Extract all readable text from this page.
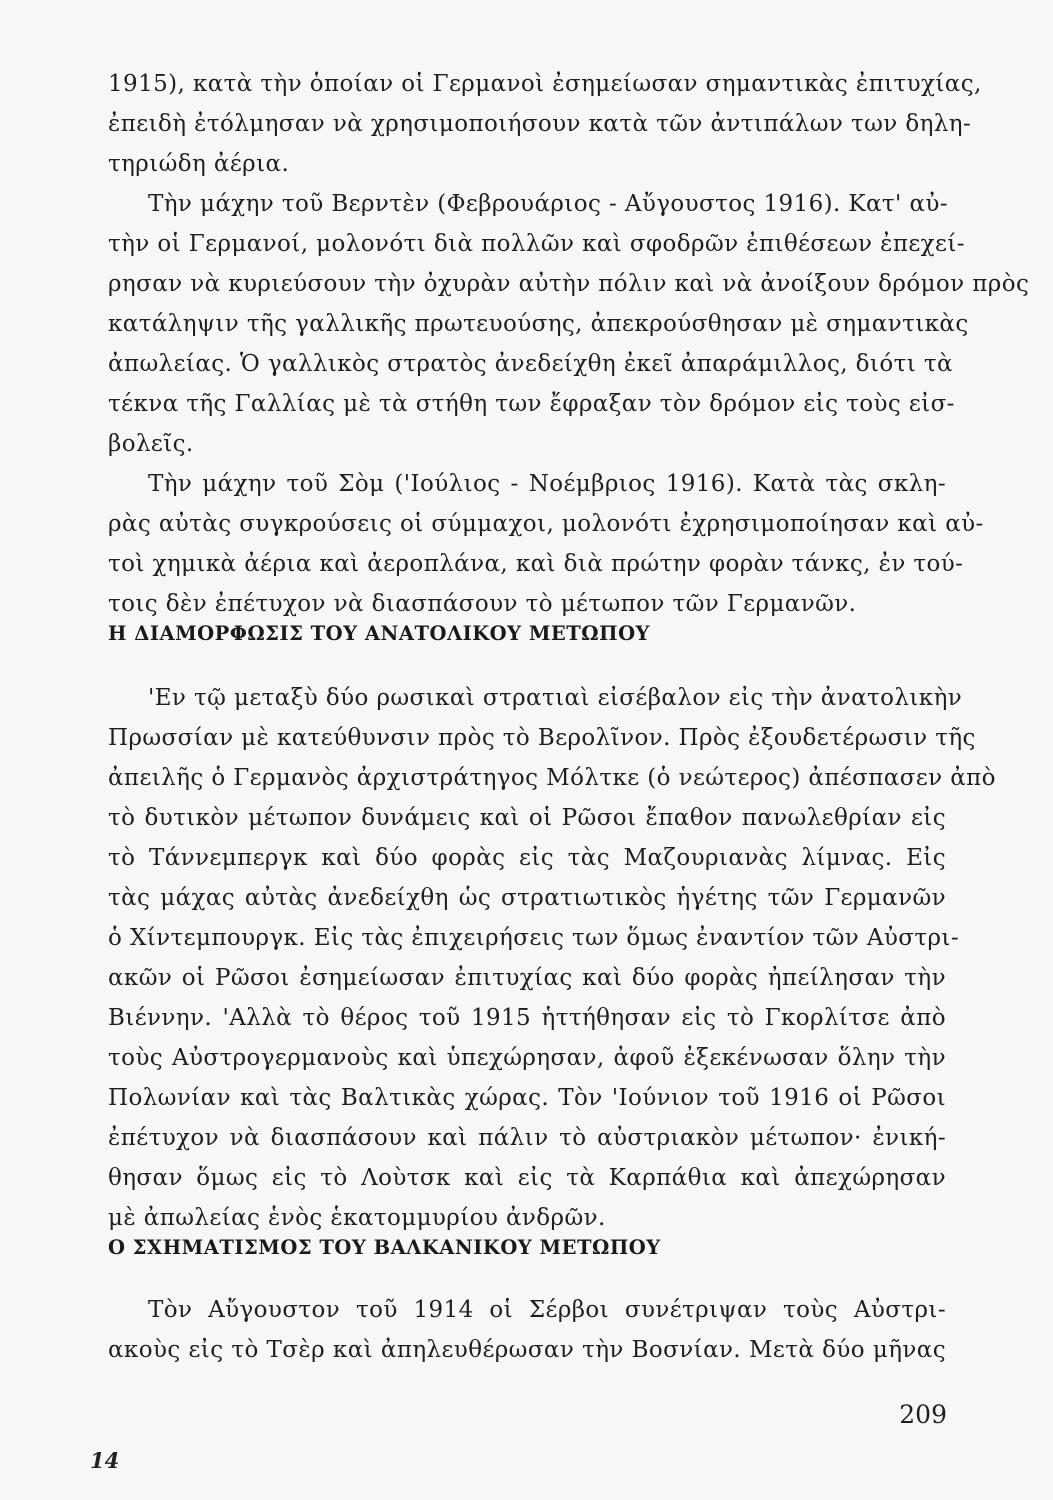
1915), κατὰ τὴν ὁποίαν οἱ Γερμανοὶ ἐσημείωσαν σημαντικὰς ἐπιτυχίας,
ἐπειδὴ ἐτόλμησαν νὰ χρησιμοποιήσουν κατὰ τῶν ἀντιπάλων των δηλη-
τηριώδη ἀέρια.
Τὴν μάχην τοῦ Βερντὲν (Φεβρουάριος - Αὔγουστος 1916). Κατ' αὐ-
τὴν οἱ Γερμανοί, μολονότι διὰ πολλῶν καὶ σφοδρῶν ἐπιθέσεων ἐπεχεί-
ρησαν νὰ κυριεύσουν τὴν ὀχυρὰν αὐτὴν πόλιν καὶ νὰ ἀνοίξουν δρόμον πρὸς
κατάληψιν τῆς γαλλικῆς πρωτευούσης, ἀπεκρούσθησαν μὲ σημαντικὰς
ἀπωλείας. Ὁ γαλλικὸς στρατὸς ἀνεδείχθη ἐκεῖ ἀπαράμιλλος, διότι τὰ
τέκνα τῆς Γαλλίας μὲ τὰ στήθη των ἔφραξαν τὸν δρόμον εἰς τοὺς εἰσ-
βολεῖς.
Τὴν μάχην τοῦ Σὸμ ('Ιούλιος - Νοέμβριος 1916). Κατὰ τὰς σκλη-
ρὰς αὐτὰς συγκρούσεις οἱ σύμμαχοι, μολονότι ἐχρησιμοποίησαν καὶ αὐ-
τοὶ χημικὰ ἀέρια καὶ ἀεροπλάνα, καὶ διὰ πρώτην φορὰν τάνκς, ἐν τού-
τοις δὲν ἐπέτυχον νὰ διασπάσουν τὸ μέτωπον τῶν Γερμανῶν.
Η ΔΙΑΜΟΡΦΩΣΙΣ ΤΟΥ ΑΝΑΤΟΛΙΚΟΥ ΜΕΤΩΠΟΥ
'Εν τῷ μεταξὺ δύο ρωσικαὶ στρατιαὶ εἰσέβαλον εἰς τὴν ἀνατολικὴν
Πρωσσίαν μὲ κατεύθυνσιν πρὸς τὸ Βερολῖνον. Πρὸς ἐξουδετέρωσιν τῆς
ἀπειλῆς ὁ Γερμανὸς ἀρχιστράτηγος Μόλτκε (ὁ νεώτερος) ἀπέσπασεν ἀπὸ
τὸ δυτικὸν μέτωπον δυνάμεις καὶ οἱ Ρῶσοι ἔπαθον πανωλεθρίαν εἰς
τὸ Τάννεμπεργκ καὶ δύο φορὰς εἰς τὰς Μαζουριανὰς λίμνας. Εἰς
τὰς μάχας αὐτὰς ἀνεδείχθη ὡς στρατιωτικὸς ἡγέτης τῶν Γερμανῶν
ὁ Χίντεμπουργκ. Εἰς τὰς ἐπιχειρήσεις των ὅμως ἐναντίον τῶν Αὐστρι-
ακῶν οἱ Ρῶσοι ἐσημείωσαν ἐπιτυχίας καὶ δύο φορὰς ἠπείλησαν τὴν
Βιέννην. 'Αλλὰ τὸ θέρος τοῦ 1915 ἡττήθησαν εἰς τὸ Γκορλίτσε ἀπὸ
τοὺς Αὐστρογερμανοὺς καὶ ὑπεχώρησαν, ἀφοῦ ἐξεκένωσαν ὅλην τὴν
Πολωνίαν καὶ τὰς Βαλτικὰς χώρας. Τὸν 'Ιούνιον τοῦ 1916 οἱ Ρῶσοι
ἐπέτυχον νὰ διασπάσουν καὶ πάλιν τὸ αὐστριακὸν μέτωπον· ἐνική-
θησαν ὅμως εἰς τὸ Λοὺτσκ καὶ εἰς τὰ Καρπάθια καὶ ἀπεχώρησαν
μὲ ἀπωλείας ἑνὸς ἑκατομμυρίου ἀνδρῶν.
Ο ΣΧΗΜΑΤΙΣΜΟΣ ΤΟΥ ΒΑΛΚΑΝΙΚΟΥ ΜΕΤΩΠΟΥ
Τὸν Αὔγουστον τοῦ 1914 οἱ Σέρβοι συνέτριψαν τοὺς Αὐστρι-
ακοὺς εἰς τὸ Τσὲρ καὶ ἀπηλευθέρωσαν τὴν Βοσνίαν. Μετὰ δύο μῆνας
209
14
